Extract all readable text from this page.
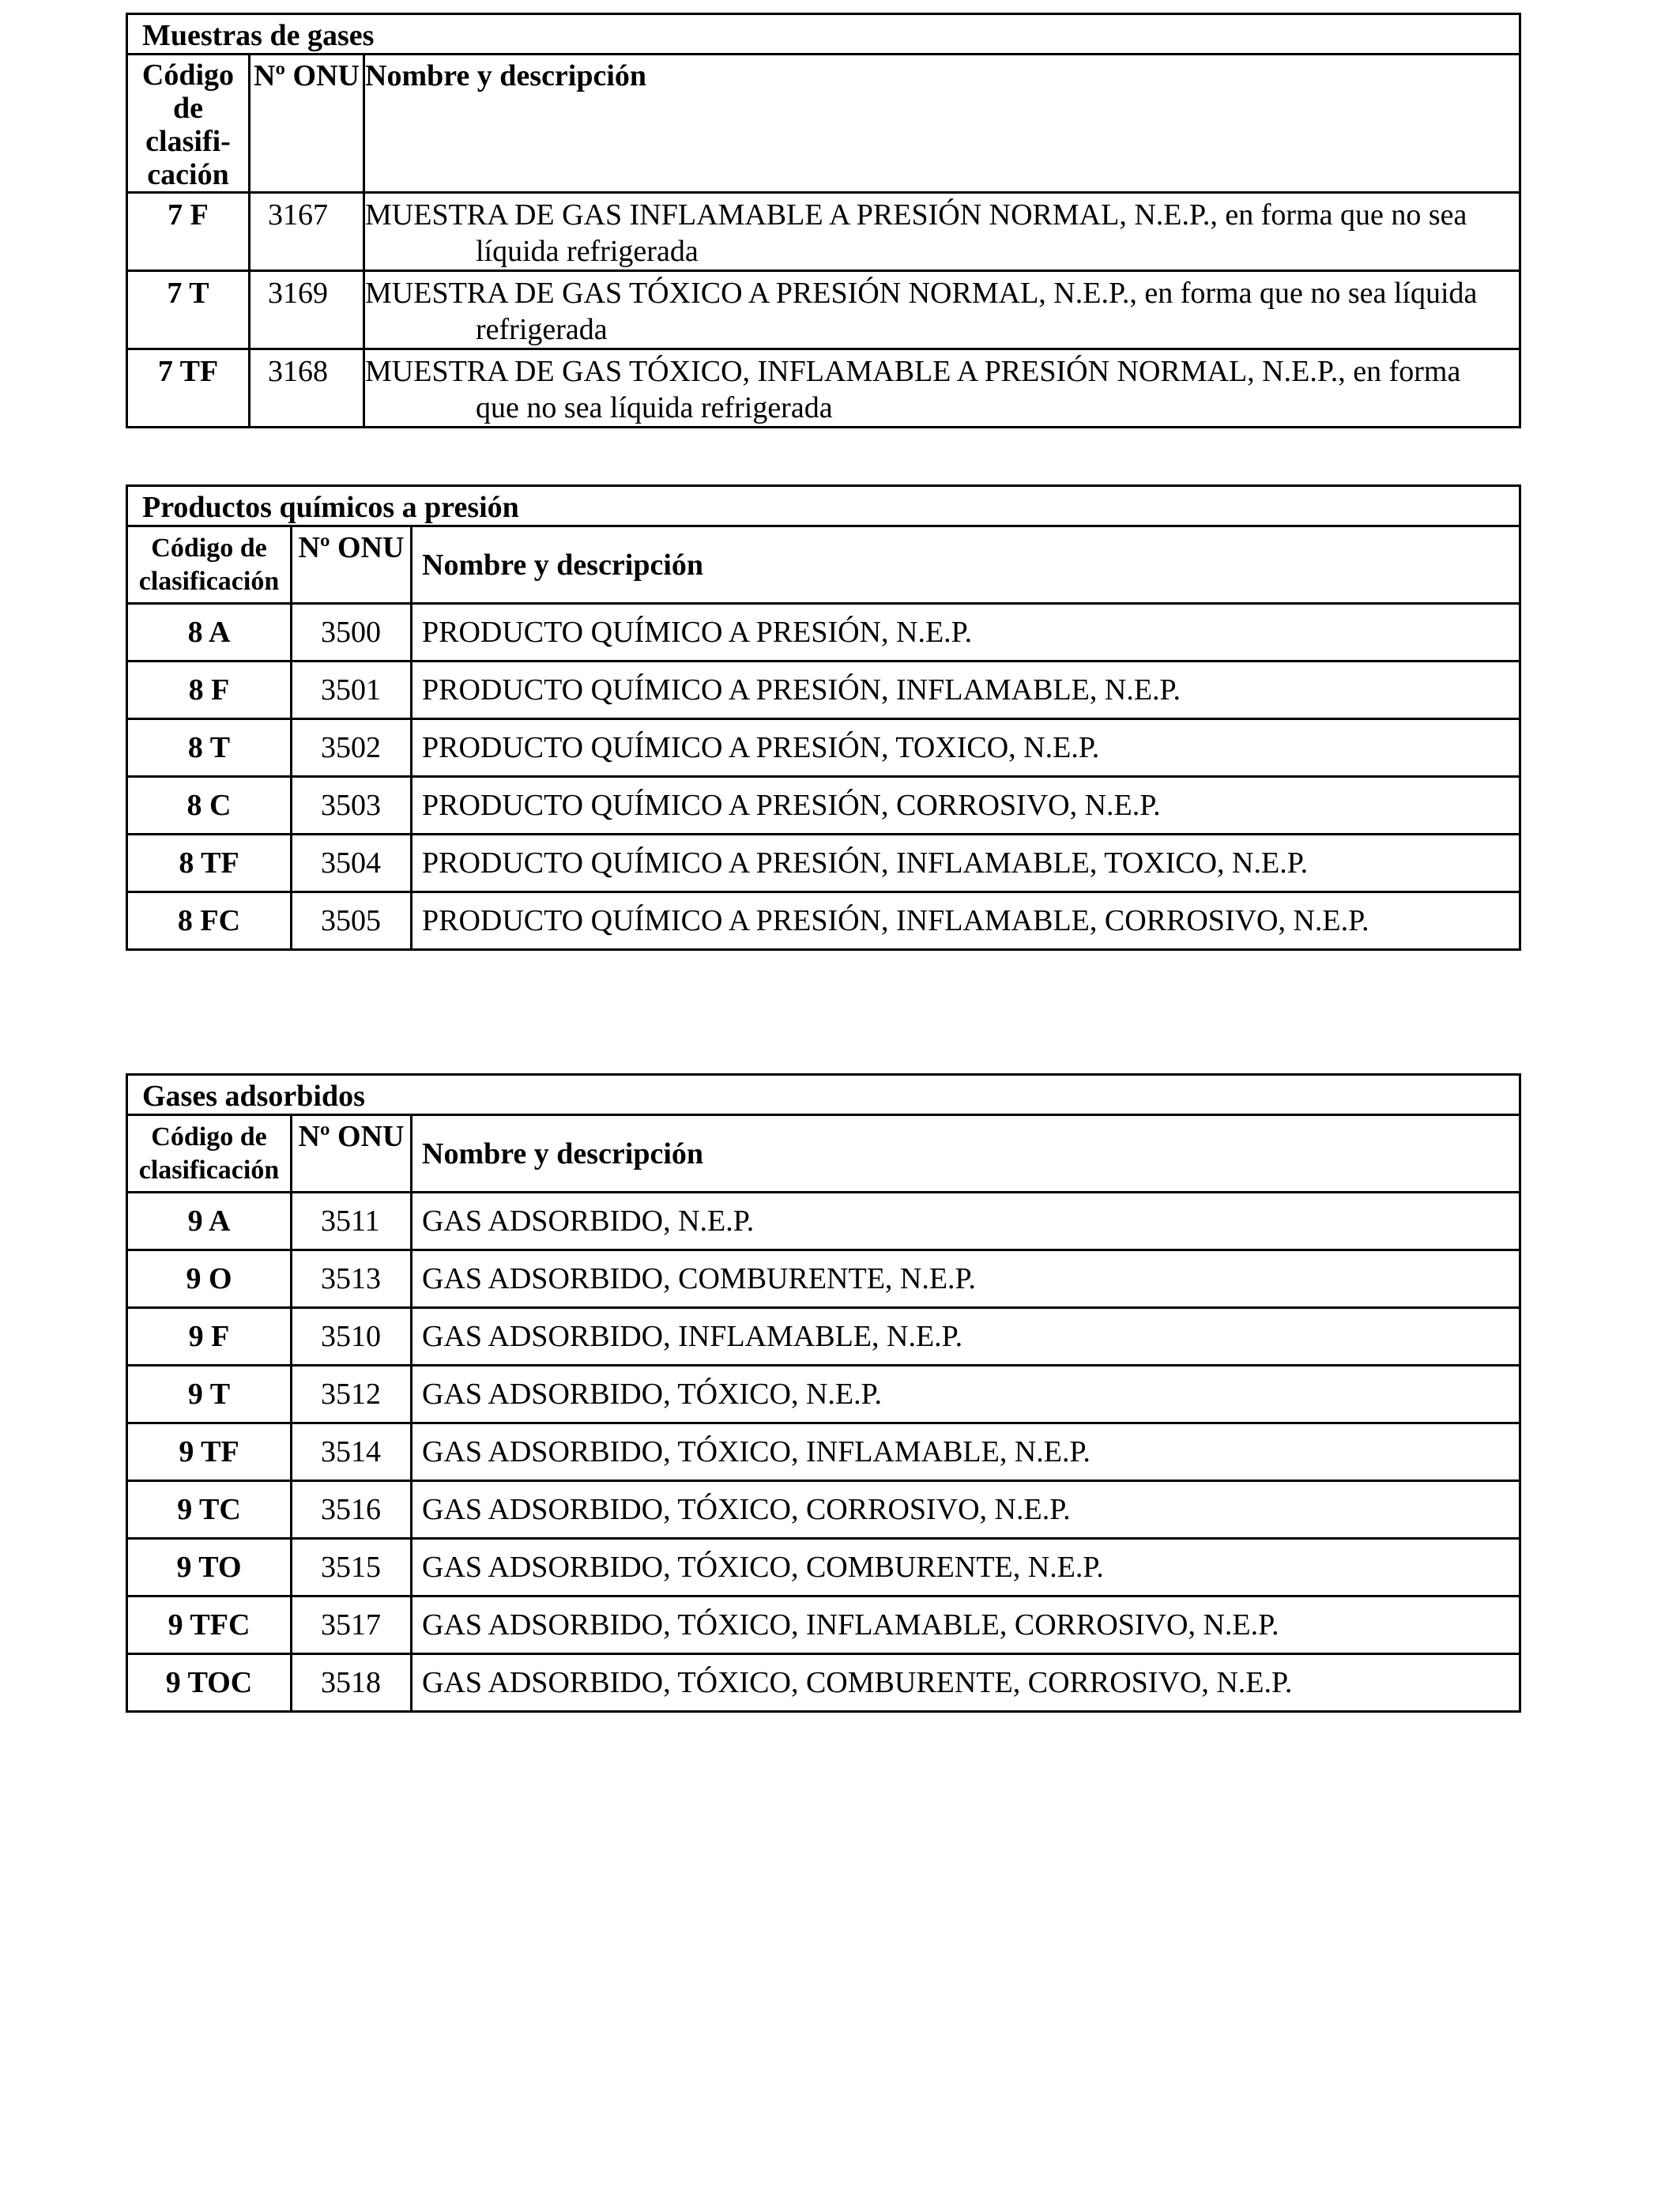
Muestras de gases		
Código de clasifi- cación	Nº ONU	Nombre y descripción
7 F	3167	MUESTRA DE GAS INFLAMABLE A PRESIÓN NORMAL, N.E.P., en forma que no sea líquida refrigerada
7 T	3169	MUESTRA DE GAS TÓXICO A PRESIÓN NORMAL, N.E.P., en forma que no sea líquida refrigerada
7 TF	3168	MUESTRA DE GAS TÓXICO, INFLAMABLE A PRESIÓN NORMAL, N.E.P., en forma que no sea líquida refrigerada
Productos químicos a presión		
Código de clasificación	Nº ONU	Nombre y descripción
8 A	3500	PRODUCTO QUÍMICO A PRESIÓN, N.E.P.
8 F	3501	PRODUCTO QUÍMICO A PRESIÓN, INFLAMABLE, N.E.P.
8 T	3502	PRODUCTO QUÍMICO A PRESIÓN, TOXICO, N.E.P.
8 C	3503	PRODUCTO QUÍMICO A PRESIÓN, CORROSIVO, N.E.P.
8 TF	3504	PRODUCTO QUÍMICO A PRESIÓN, INFLAMABLE, TOXICO, N.E.P.
8 FC	3505	PRODUCTO QUÍMICO A PRESIÓN, INFLAMABLE, CORROSIVO, N.E.P.
Gases adsorbidos		
Código de clasificación	Nº ONU	Nombre y descripción
9 A	3511	GAS ADSORBIDO, N.E.P.
9 O	3513	GAS ADSORBIDO, COMBURENTE, N.E.P.
9 F	3510	GAS ADSORBIDO, INFLAMABLE, N.E.P.
9 T	3512	GAS ADSORBIDO, TÓXICO, N.E.P.
9 TF	3514	GAS ADSORBIDO, TÓXICO, INFLAMABLE, N.E.P.
9 TC	3516	GAS ADSORBIDO, TÓXICO, CORROSIVO, N.E.P.
9 TO	3515	GAS ADSORBIDO, TÓXICO, COMBURENTE, N.E.P.
9 TFC	3517	GAS ADSORBIDO, TÓXICO, INFLAMABLE, CORROSIVO, N.E.P.
9 TOC	3518	GAS ADSORBIDO, TÓXICO, COMBURENTE, CORROSIVO, N.E.P.
